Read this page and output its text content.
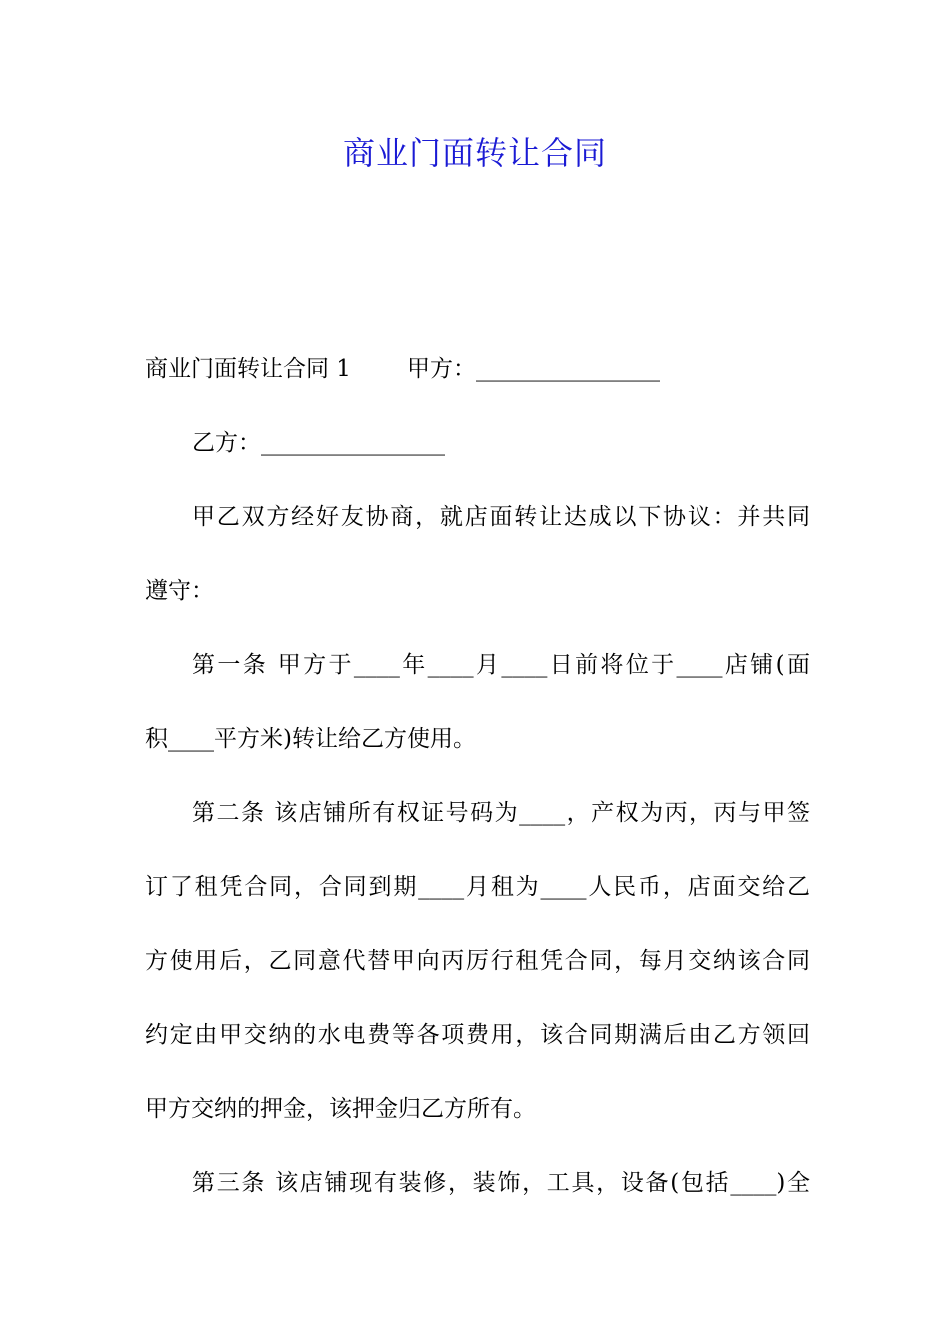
商业门面转让合同
商业门面转让合同 1 甲方：________________
乙方：________________
甲乙双方经好友协商，就店面转让达成以下协议：并共同
遵守：
第一条 甲方于____年____月____日前将位于____店铺(面
积____平方米)转让给乙方使用。
第二条 该店铺所有权证号码为____，产权为丙，丙与甲签
订了租凭合同，合同到期____月租为____人民币，店面交给乙
方使用后，乙同意代替甲向丙厉行租凭合同，每月交纳该合同
约定由甲交纳的水电费等各项费用，该合同期满后由乙方领回
甲方交纳的押金，该押金归乙方所有。
第三条 该店铺现有装修，装饰，工具，设备(包括____)全
